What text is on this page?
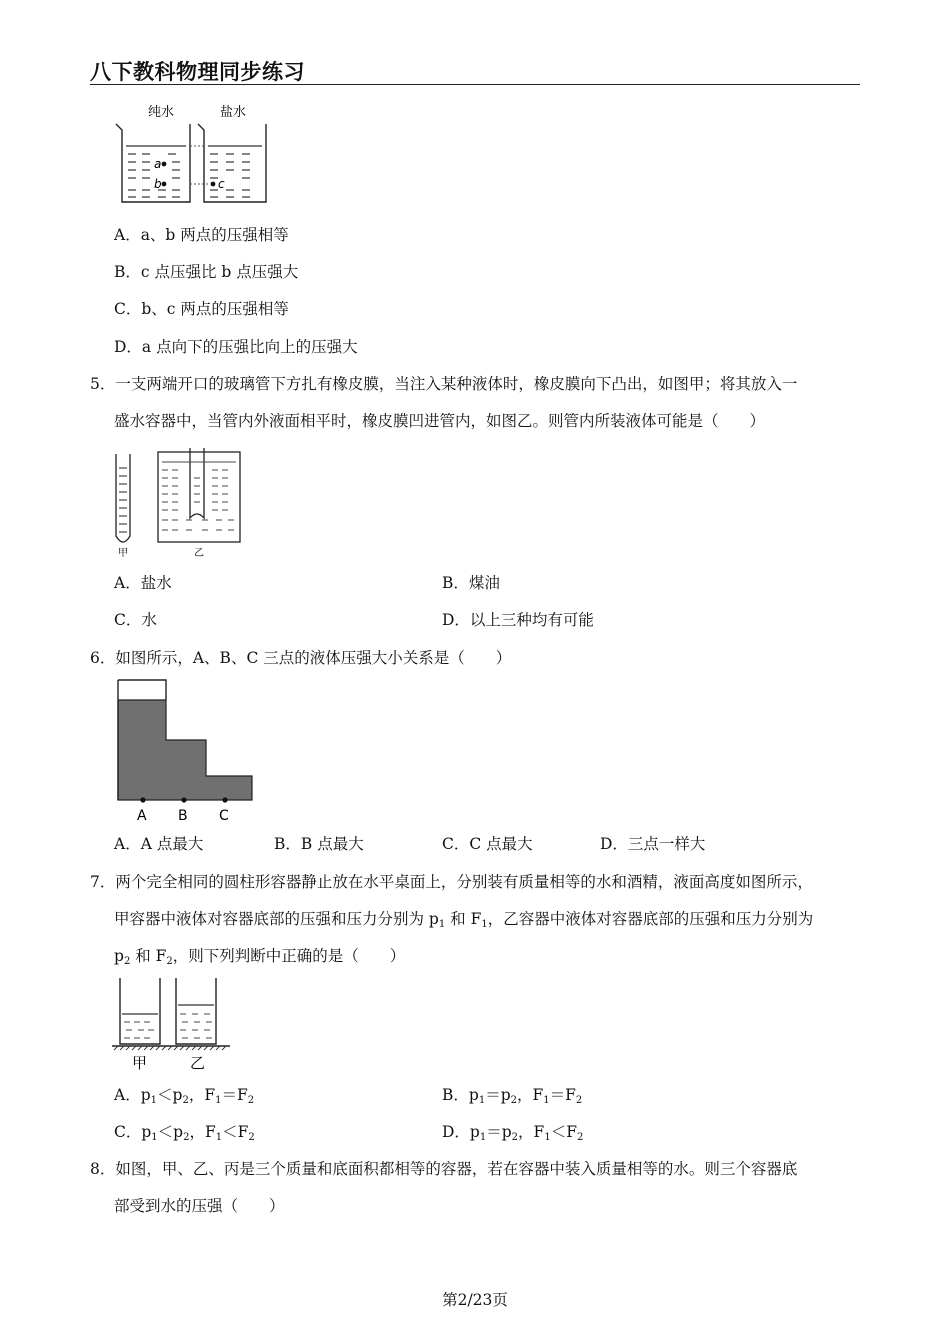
八下教科物理同步练习
纯水	盐水
a
b	c
A．a、b 两点的压强相等
B．c 点压强比 b 点压强大
C．b、c 两点的压强相等
D．a 点向下的压强比向上的压强大
5．一支两端开口的玻璃管下方扎有橡皮膜，当注入某种液体时，橡皮膜向下凸出，如图甲；将其放入一
盛水容器中，当管内外液面相平时，橡皮膜凹进管内，如图乙。则管内所装液体可能是（　　）
甲	乙
A．盐水	B．煤油
C．水	D．以上三种均有可能
6．如图所示，A、B、C 三点的液体压强大小关系是（　　）
A B C
A．A 点最大	B．B 点最大	C．C 点最大	D．三点一样大
7．两个完全相同的圆柱形容器静止放在水平桌面上，分别装有质量相等的水和酒精，液面高度如图所示，
甲容器中液体对容器底部的压强和压力分别为 $p_1$ 和 $F_1$，乙容器中液体对容器底部的压强和压力分别为
$p_2$ 和 $F_2$，则下列判断中正确的是（　　）
甲	乙
A．$p_1<p_2$，$F_1=F_2$	B．$p_1=p_2$，$F_1=F_2$
C．$p_1<p_2$，$F_1<F_2$	D．$p_1=p_2$，$F_1<F_2$
8．如图，甲、乙、丙是三个质量和底面积都相等的容器，若在容器中装入质量相等的水。则三个容器底
部受到水的压强（　　）
第2/23页
